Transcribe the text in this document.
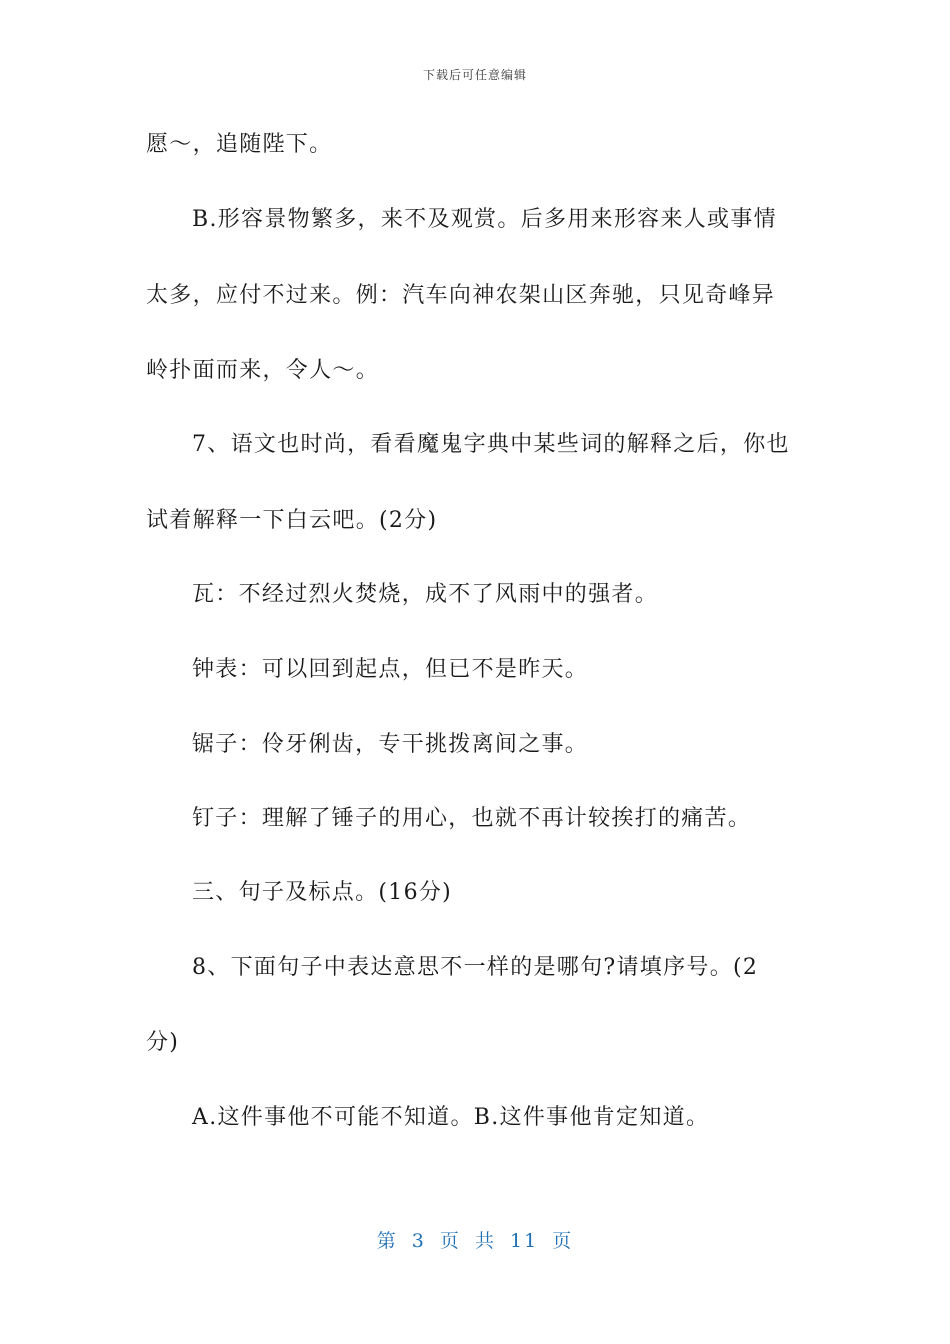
下载后可任意编辑
愿～，追随陛下。
B.形容景物繁多，来不及观赏。后多用来形容来人或事情
太多，应付不过来。例：汽车向神农架山区奔驰，只见奇峰异
岭扑面而来，令人～。
7、语文也时尚，看看魔鬼字典中某些词的解释之后，你也
试着解释一下白云吧。(2分)
瓦：不经过烈火焚烧，成不了风雨中的强者。
钟表：可以回到起点，但已不是昨天。
锯子：伶牙俐齿，专干挑拨离间之事。
钉子：理解了锤子的用心，也就不再计较挨打的痛苦。
三、句子及标点。(16分)
8、下面句子中表达意思不一样的是哪句?请填序号。(2
分)
A.这件事他不可能不知道。B.这件事他肯定知道。
第 3 页 共 11 页
